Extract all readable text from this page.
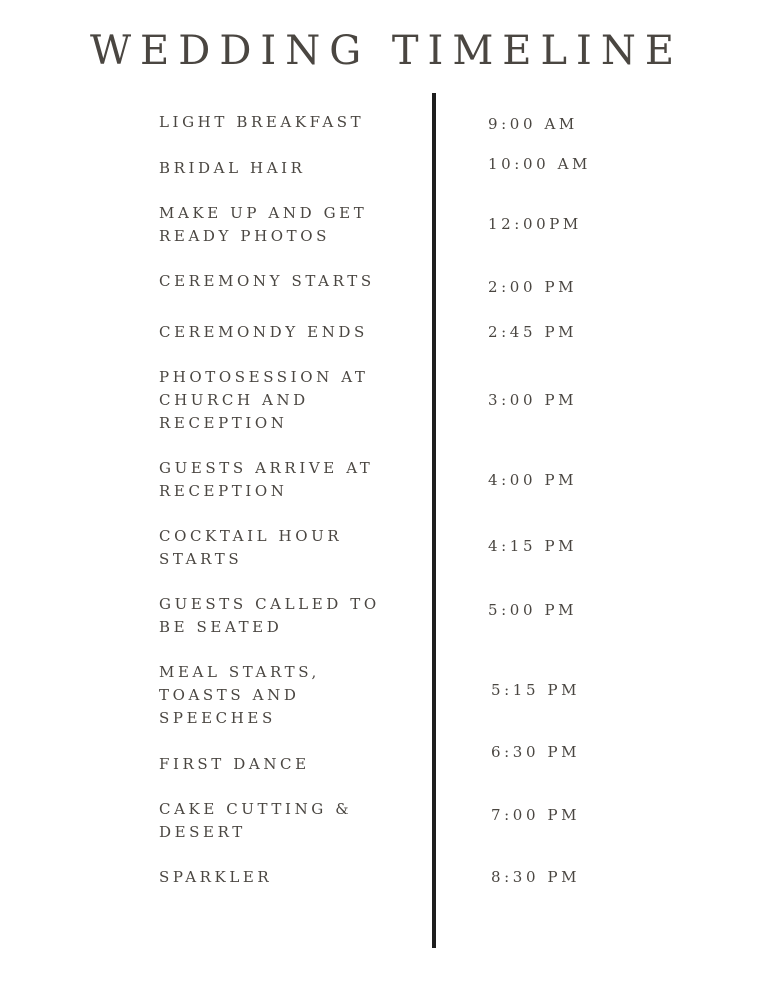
WEDDING TIMELINE
LIGHT BREAKFAST
BRIDAL HAIR
MAKE UP AND GET
READY PHOTOS
CEREMONY STARTS
CEREMONDY ENDS
PHOTOSESSION AT
CHURCH AND
RECEPTION
GUESTS ARRIVE AT
RECEPTION
COCKTAIL HOUR
STARTS
GUESTS CALLED TO
BE SEATED
MEAL STARTS,
TOASTS AND
SPEECHES
FIRST DANCE
CAKE CUTTING &
DESERT
SPARKLER
9:00 AM
10:00 AM
12:00PM
2:00 PM
2:45 PM
3:00 PM
4:00 PM
4:15 PM
5:00 PM
5:15 PM
6:30 PM
7:00 PM
8:30 PM
